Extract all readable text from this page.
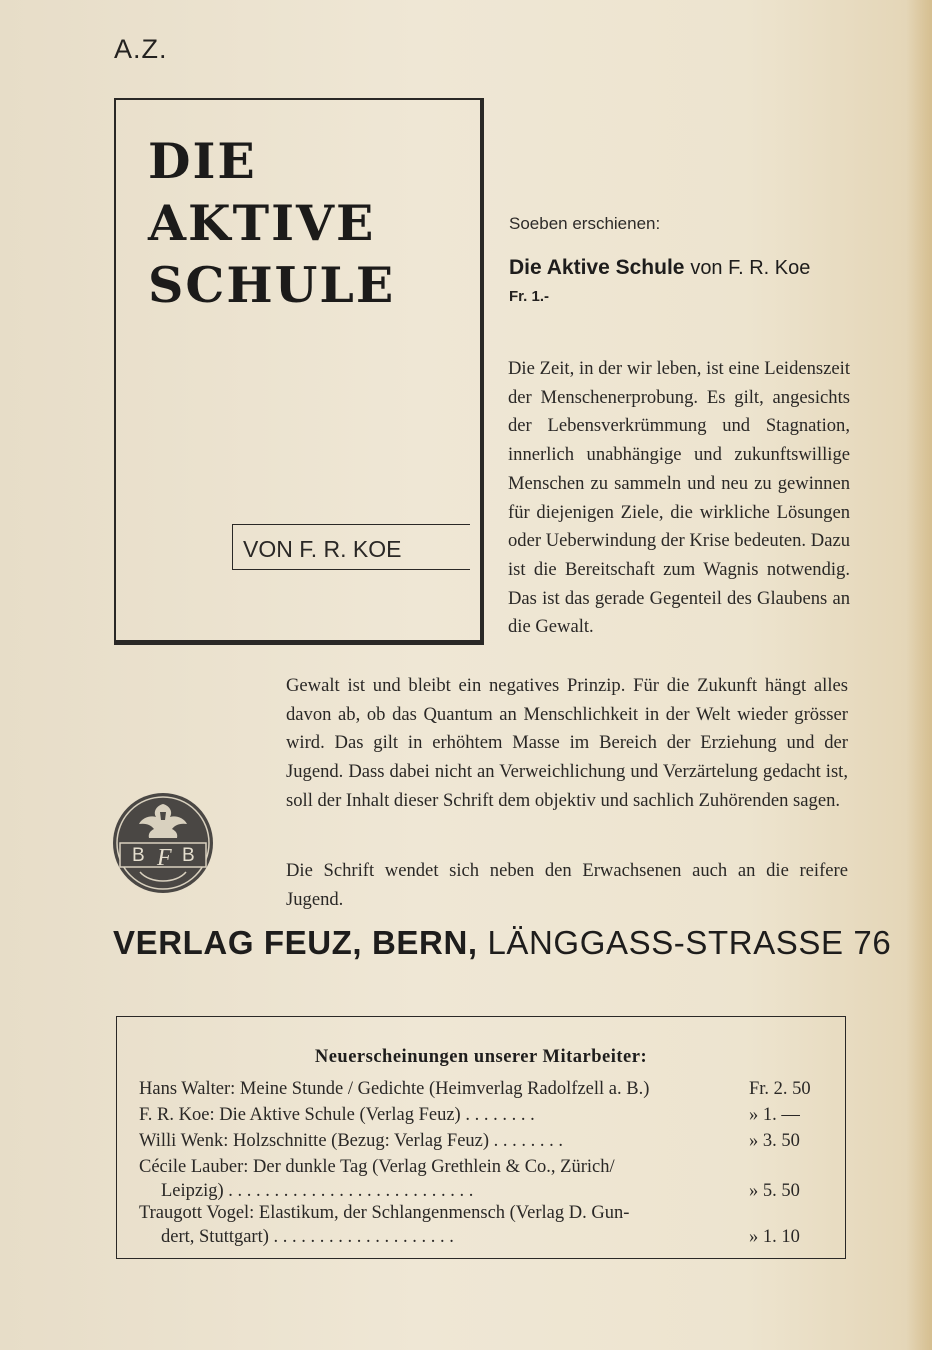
A.Z.
DIE
AKTIVE
SCHULE
VON F. R. KOE
Soeben erschienen:
Die Aktive Schule von F. R. Koe
Fr. 1.-

Die Zeit, in der wir leben, ist eine Leidenszeit der Menschenerprobung. Es gilt, angesichts der Lebensverkrümmung und Stagnation, innerlich unabhängige und zukunftswillige Menschen zu sammeln und neu zu gewinnen für diejenigen Ziele, die wirkliche Lösungen oder Ueberwindung der Krise bedeuten. Dazu ist die Bereitschaft zum Wagnis notwendig. Das ist das gerade Gegenteil des Glaubens an die Gewalt.

Gewalt ist und bleibt ein negatives Prinzip. Für die Zukunft hängt alles davon ab, ob das Quantum an Menschlichkeit in der Welt wieder grösser wird. Das gilt in erhöhtem Masse im Bereich der Erziehung und der Jugend. Dass dabei nicht an Verweichlichung und Verzärtelung gedacht ist, soll der Inhalt dieser Schrift dem objektiv und sachlich Zuhörenden sagen.

Die Schrift wendet sich neben den Erwachsenen auch an die reifere Jugend.

B F B
VERLAG FEUZ, BERN, LÄNGGASS-STRASSE 76
Neuerscheinungen unserer Mitarbeiter:
Hans Walter: Meine Stunde / Gedichte (Heimverlag Radolfzell a. B.)	Fr. 2. 50
F. R. Koe: Die Aktive Schule (Verlag Feuz) . . . . . . . .	» 1. —
Willi Wenk: Holzschnitte (Bezug: Verlag Feuz) . . . . . . . .	» 3. 50
Cécile Lauber: Der dunkle Tag (Verlag Grethlein & Co., Zürich/
Leipzig) . . . . . . . . . . . . . . . . . . . . . . . . . . .	» 5. 50
Traugott Vogel: Elastikum, der Schlangenmensch (Verlag D. Gun-
dert, Stuttgart) . . . . . . . . . . . . . . . . . . . .	» 1. 10
